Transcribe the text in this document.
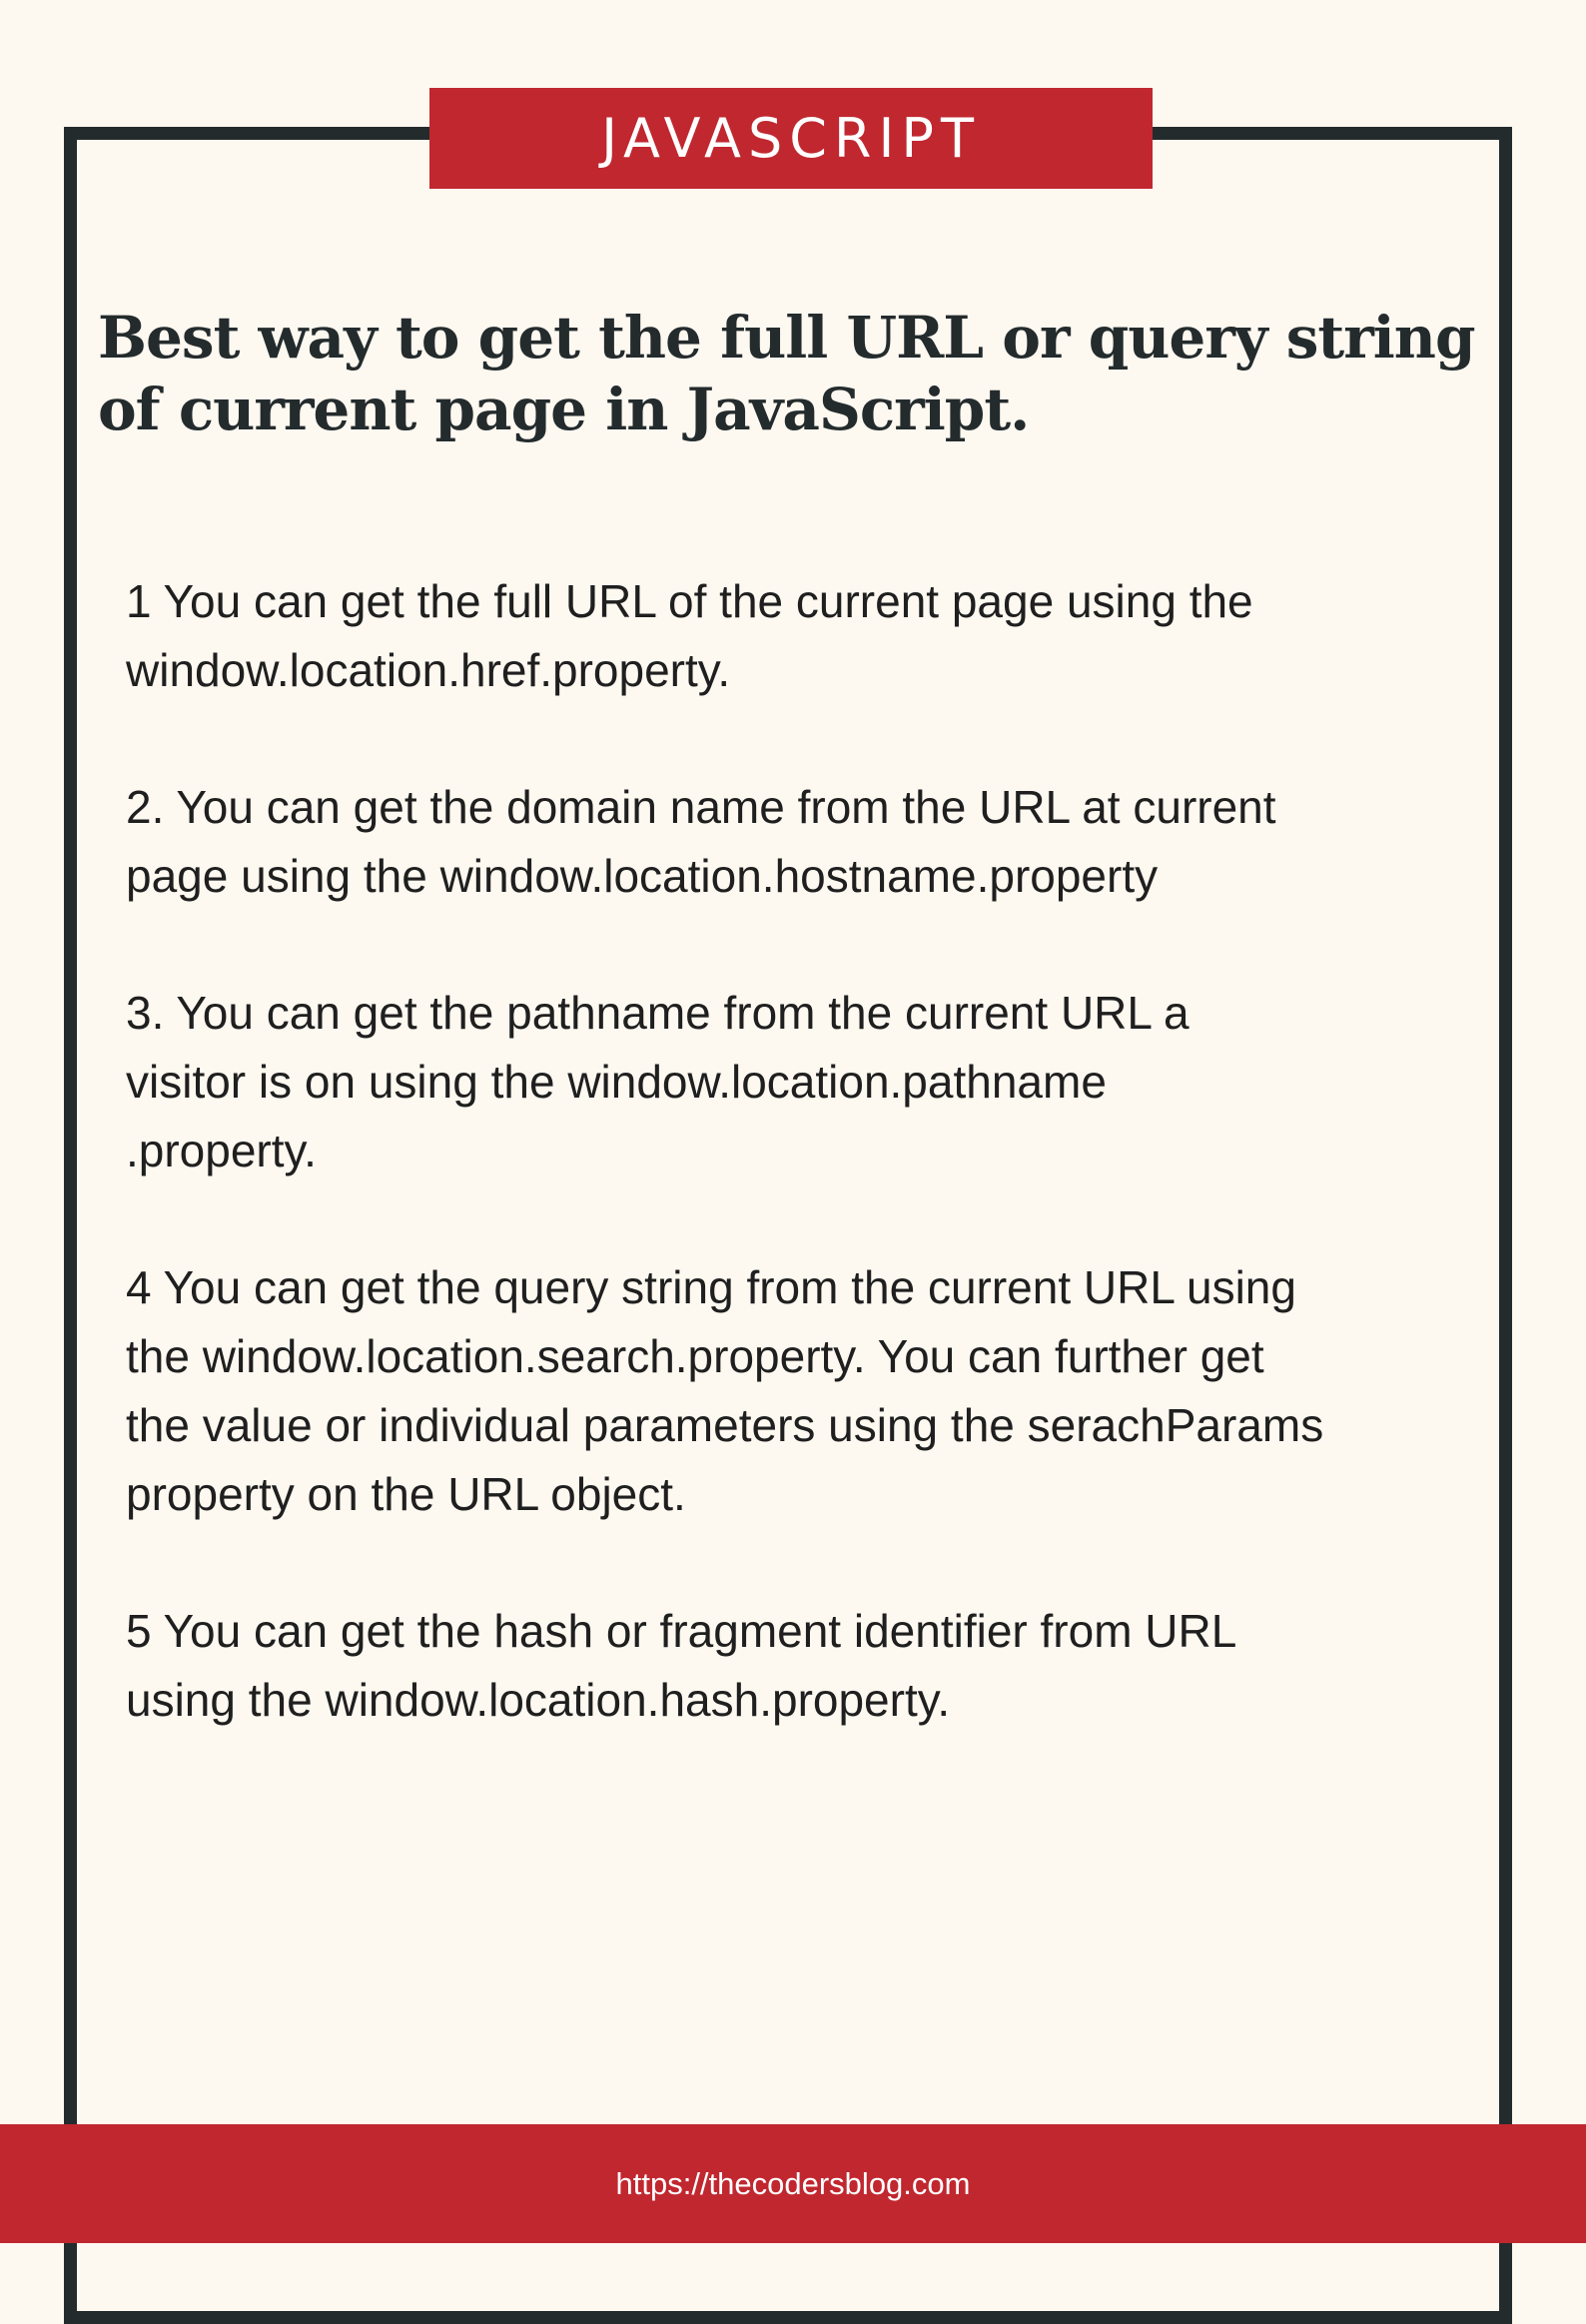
JAVASCRIPT
Best way to get the full URL or query string
of current page in JavaScript.
1 You can get the full URL of the current page using the
window.location.href.property.
2. You can get the domain name from the URL at current
page using the window.location.hostname.property
3. You can get the pathname from the current URL a
visitor is on using the window.location.pathname
.property.
4 You can get the query string from the current URL using
the window.location.search.property. You can further get
the value or individual parameters using the serachParams
property on the URL object.
5 You can get the hash or fragment identifier from URL
using the window.location.hash.property.
https://thecodersblog.com
